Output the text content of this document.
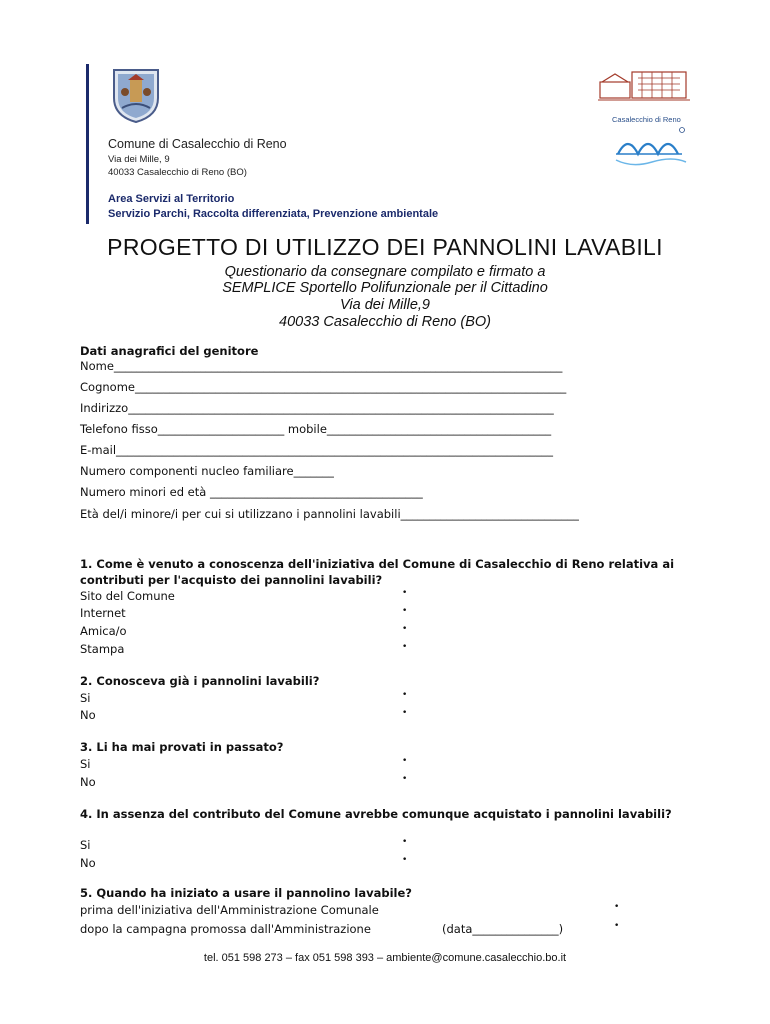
Casalecchio di Reno
Comune di Casalecchio di Reno
Via dei Mille, 9
40033 Casalecchio di Reno (BO)
Area Servizi al Territorio
Servizio Parchi, Raccolta differenziata, Prevenzione ambientale
PROGETTO DI UTILIZZO DEI PANNOLINI LAVABILI
Questionario da consegnare compilato e firmato a
SEMPLICE Sportello Polifunzionale per il Cittadino
Via dei Mille,9
40033 Casalecchio di Reno (BO)
Dati anagrafici del genitore
Nome______________________________________________________________________________
Cognome___________________________________________________________________________
Indirizzo__________________________________________________________________________
Telefono fisso______________________ mobile_______________________________________
E-mail____________________________________________________________________________
Numero componenti nucleo familiare_______
Numero minori ed età _____________________________________
Età del/i minore/i per cui si utilizzano i pannolini lavabili_______________________________
1. Come è venuto a conoscenza dell'iniziativa del Comune di Casalecchio di Reno relativa ai contributi per l'acquisto dei pannolini lavabili?
Sito del Comune
Internet
Amica/o
Stampa
•
•
•
•
2. Conosceva già i pannolini lavabili?
Si
No
•
•
3. Li ha mai provati in passato?
Si
No
•
•
4. In assenza del contributo del Comune avrebbe comunque acquistato i pannolini lavabili?
Si
No
•
•
5. Quando ha iniziato a usare il pannolino lavabile?
prima dell'iniziativa dell'Amministrazione Comunale
dopo la campagna promossa dall'Amministrazione	(data_______________)
•
•
tel. 051 598 273 – fax 051 598 393 – ambiente@comune.casalecchio.bo.it
